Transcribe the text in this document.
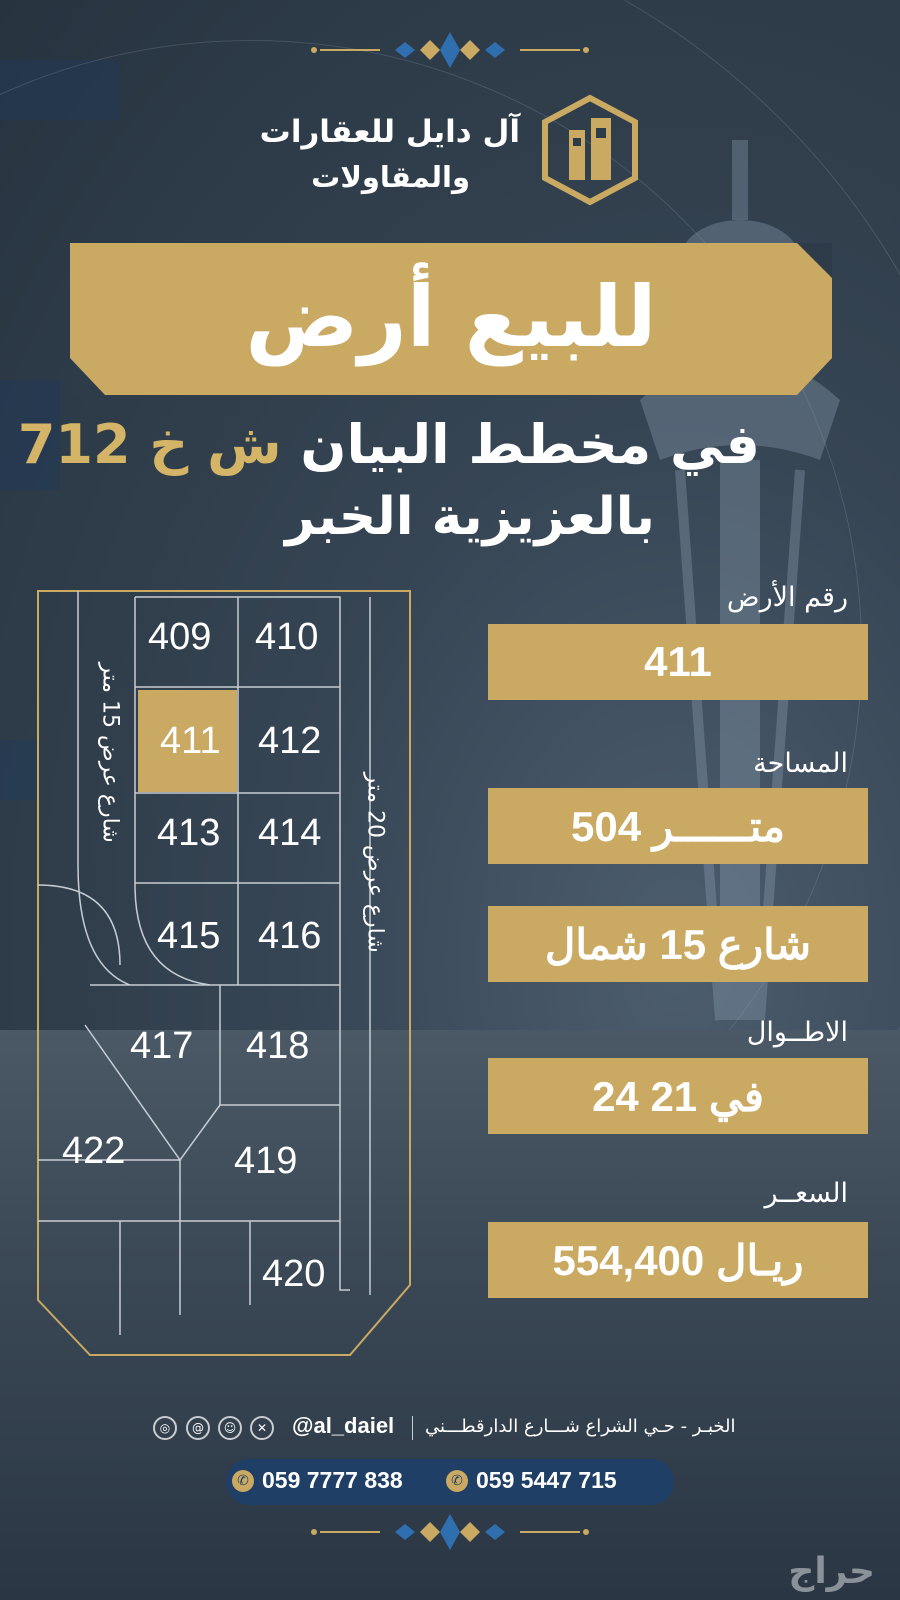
آل دايل للعقارات
والمقاولات
للبيع أرض
في مخطط البيان ش خ 712
بالعزيزية الخبر
409 410
411 412
413 414
415 416
417 418
419
420
422
شارع عرض 15 متر	شارع عرض 20 متر
رقم الأرض
411
المساحة
504 متــــــر
شارع 15 شمال
الاطــوال
24 في 21
السعــر
554,400 ريـال
◎	@	☺	✕	@al_daiel الخبـر - حـي الشراع شـــارع الدارقطـــني
✆ 059 7777 838	✆ 059 5447 715
حراج
